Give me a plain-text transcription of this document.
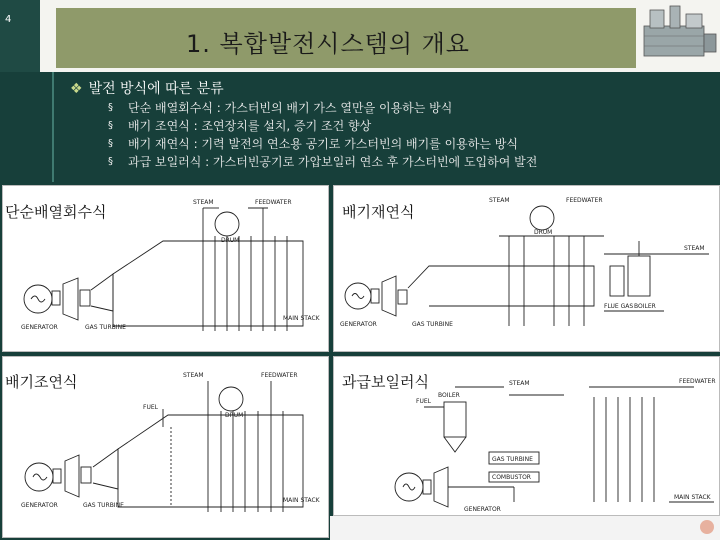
4
1. 복합발전시스템의 개요
❖ 발전 방식에 따른 분류
§ 단순 배열회수식 : 가스터빈의 배기 가스 열만을 이용하는 방식
§ 배기 조연식 : 조연장치를 설치, 증기 조건 향상
§ 배기 재연식 : 기력 발전의 연소용 공기로 가스터빈의 배기를 이용하는 방식
§ 과급 보일러식 : 가스터빈공기로 가압보일러 연소 후 가스터빈에 도입하여 발전
GENERATOR	GAS TURBINE
STEAM	FEEDWATER
DRUM
MAIN STACK
단순배열회수식
GENERATOR	GAS TURBINE
STEAM	FEEDWATER
DRUM
STEAM
FLUE GAS BOILER
배기재연식
GENERATOR	GAS TURBINE
FUEL
STEAM	FEEDWATER
DRUM
MAIN STACK
배기조연식
FUEL
BOILER
STEAM	FEEDWATER
GAS TURBINE
GENERATOR
COMBUSTOR
MAIN STACK
과급보일러식
